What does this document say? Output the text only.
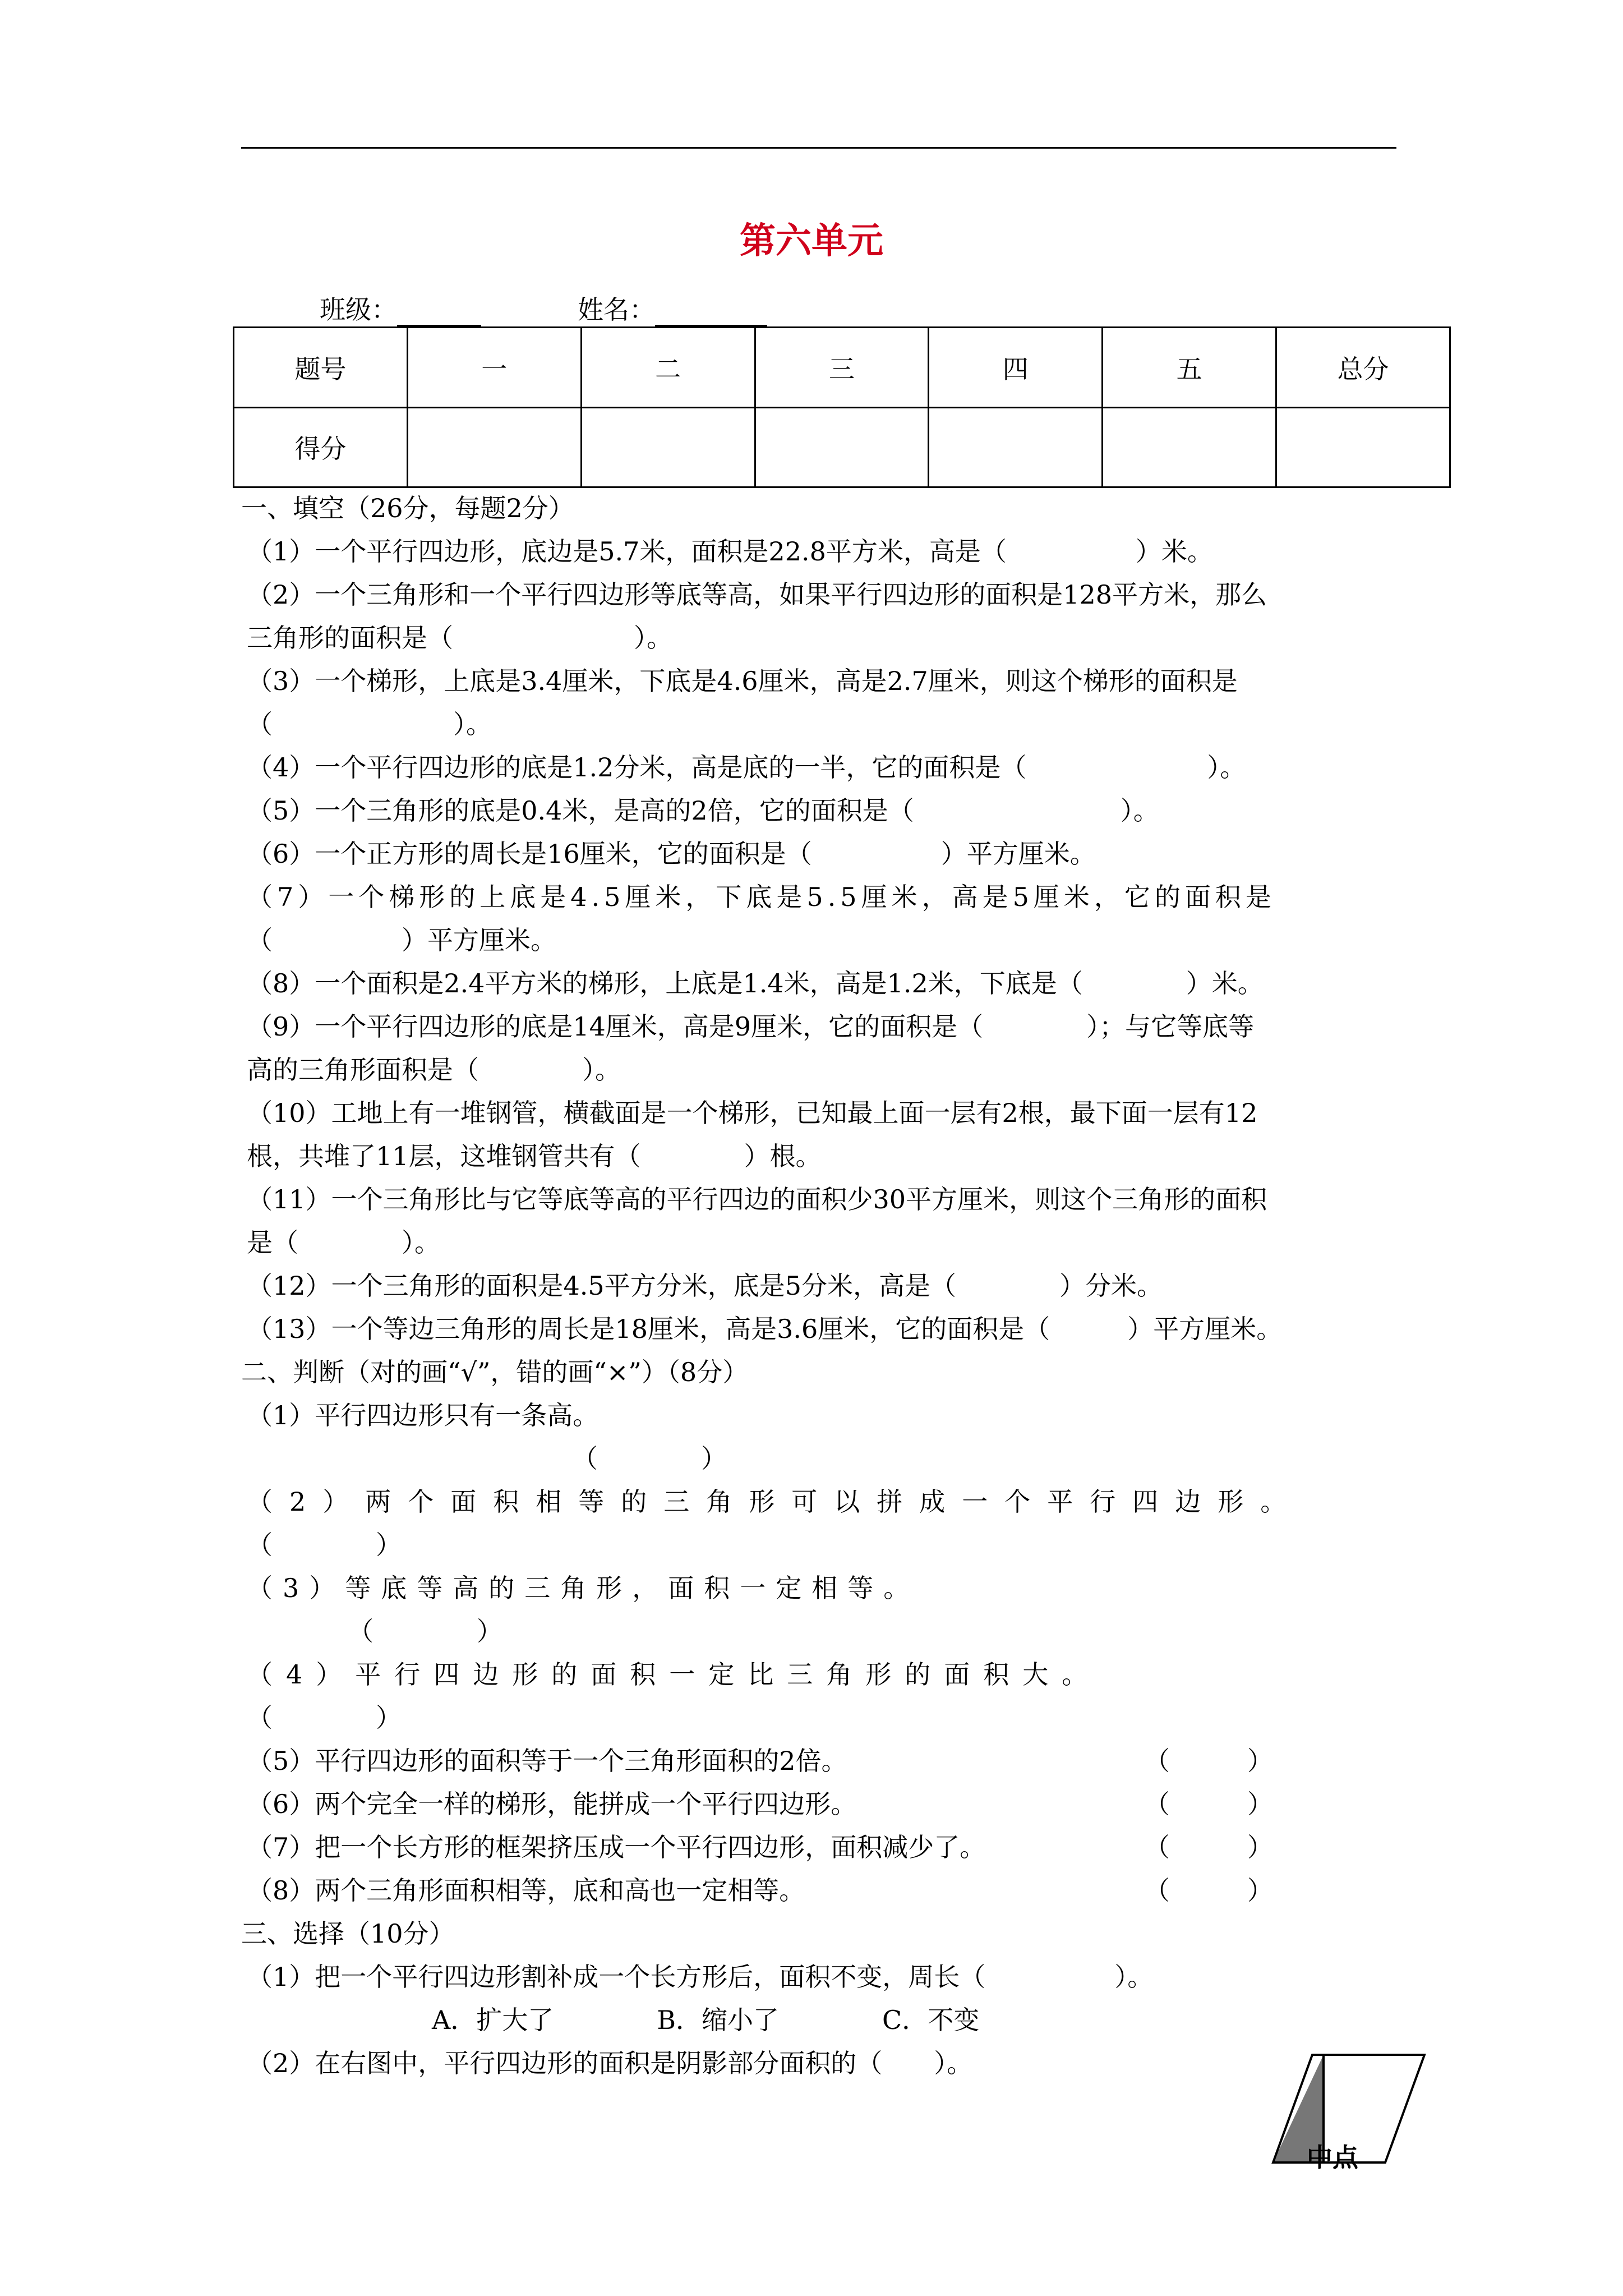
第六单元
班级：	姓名：
题号	一	二	三	四	五	总分
得分						
一、填空（26分，每题2分）
（1）一个平行四边形，底边是5.7米，面积是22.8平方米，高是（　　　　　）米。
（2）一个三角形和一个平行四边形等底等高，如果平行四边形的面积是128平方米，那么
三角形的面积是（　　　　　　　）。
（3）一个梯形，上底是3.4厘米，下底是4.6厘米，高是2.7厘米，则这个梯形的面积是
（　　　　　　　）。
（4）一个平行四边形的底是1.2分米，高是底的一半，它的面积是（　　　　　　　）。
（5）一个三角形的底是0.4米，是高的2倍，它的面积是（　　　　　　　　）。
（6）一个正方形的周长是16厘米，它的面积是（　　　　　）平方厘米。
（7）一个梯形的上底是4.5厘米，下底是5.5厘米，高是5厘米，它的面积是
（　　　　　）平方厘米。
（8）一个面积是2.4平方米的梯形，上底是1.4米，高是1.2米，下底是（　　　　）米。
（9）一个平行四边形的底是14厘米，高是9厘米，它的面积是（　　　　）；与它等底等
高的三角形面积是（　　　　）。
（10）工地上有一堆钢管，横截面是一个梯形，已知最上面一层有2根，最下面一层有12
根，共堆了11层，这堆钢管共有（　　　　）根。
（11）一个三角形比与它等底等高的平行四边的面积少30平方厘米，则这个三角形的面积
是（　　　　）。
（12）一个三角形的面积是4.5平方分米，底是5分米，高是（　　　　）分米。
（13）一个等边三角形的周长是18厘米，高是3.6厘米，它的面积是（　　　）平方厘米。
二、判断（对的画“√”，错的画“×”）（8分）
（1）平行四边形只有一条高。
（　　　　）
（2）两个面积相等的三角形可以拼成一个平行四边形。
（　　　　）
（3）等底等高的三角形，面积一定相等。
（　　　　）
（4）平行四边形的面积一定比三角形的面积大。
（　　　　）
（5）平行四边形的面积等于一个三角形面积的2倍。	（　　　）
（6）两个完全一样的梯形，能拼成一个平行四边形。	（　　　）
（7）把一个长方形的框架挤压成一个平行四边形，面积减少了。	（　　　）
（8）两个三角形面积相等，底和高也一定相等。	（　　　）
三、选择（10分）
（1）把一个平行四边形割补成一个长方形后，面积不变，周长（　　　　　）。
A．扩大了　　　　B．缩小了　　　　C．不变
（2）在右图中，平行四边形的面积是阴影部分面积的（　　）。
中点
